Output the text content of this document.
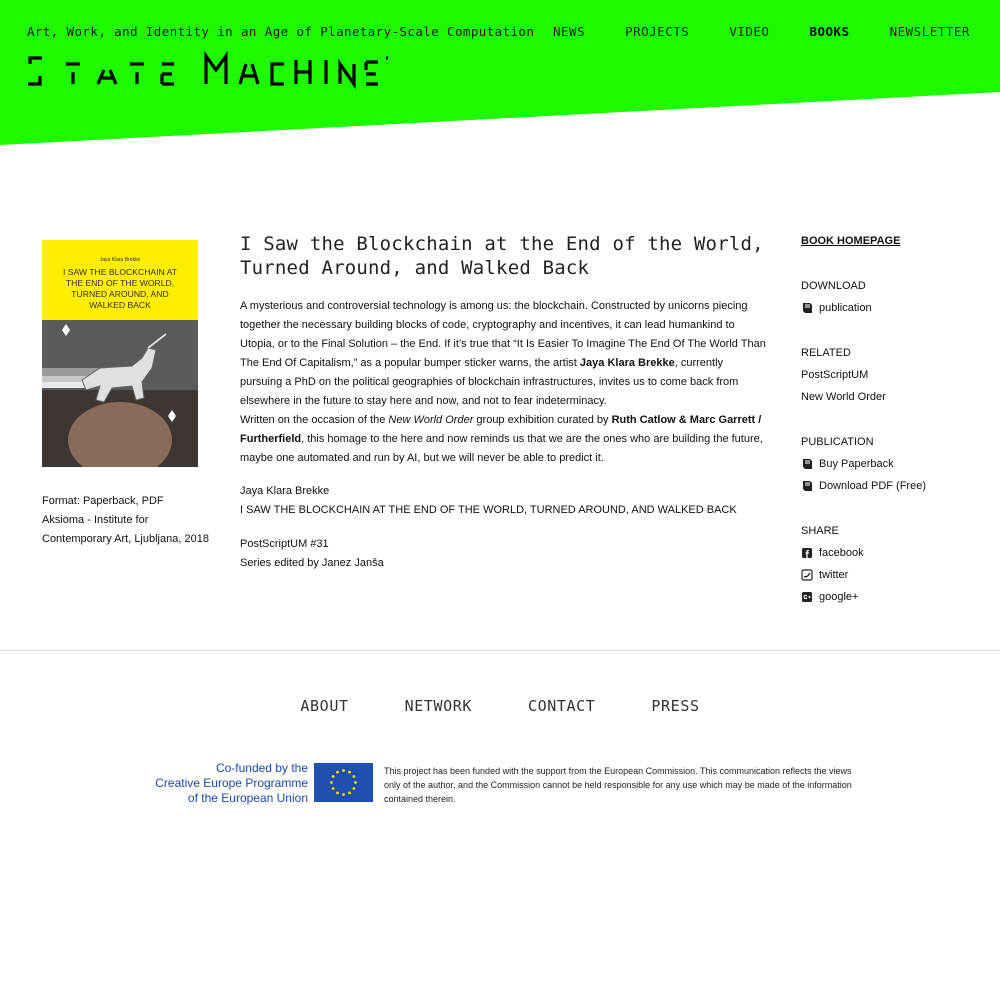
Art, Work, and Identity in an Age of Planetary-Scale Computation NEWS	PROJECTS	VIDEO	BOOKS	NEWSLETTER
Jaya Klara Brekke
I SAW THE BLOCKCHAIN AT
THE END OF THE WORLD,
TURNED AROUND, AND
WALKED BACK
Format: Paperback, PDF
Aksioma - Institute for
Contemporary Art, Ljubljana, 2018
I Saw the Blockchain at the End of the World,
Turned Around, and Walked Back

A mysterious and controversial technology is among us: the blockchain. Constructed by unicorns piecing together the necessary building blocks of code, cryptography and incentives, it can lead humankind to Utopia, or to the Final Solution – the End. If it’s true that “It Is Easier To Imagine The End Of The World Than The End Of Capitalism,” as a popular bumper sticker warns, the artist Jaya Klara Brekke, currently pursuing a PhD on the political geographies of blockchain infrastructures, invites us to come back from elsewhere in the future to stay here and now, and not to fear indeterminacy.

Written on the occasion of the New World Order group exhibition curated by Ruth Catlow & Marc Garrett / Furtherfield, this homage to the here and now reminds us that we are the ones who are building the future, maybe one automated and run by AI, but we will never be able to predict it.

Jaya Klara Brekke
I SAW THE BLOCKCHAIN AT THE END OF THE WORLD, TURNED AROUND, AND WALKED BACK
PostScriptUM #31
Series edited by Janez Janša
BOOK HOMEPAGE
DOWNLOAD
publication
RELATED
PostScriptUM
New World Order
PUBLICATION
Buy Paperback
Download PDF (Free)
SHARE
facebook
twitter
google+
ABOUT	NETWORK	CONTACT	PRESS
Co-funded by the
Creative Europe Programme
of the European Union
This project has been funded with the support from the European Commission. This communication reflects the views only of the author, and the Commission cannot be held responsible for any use which may be made of the information contained therein.
